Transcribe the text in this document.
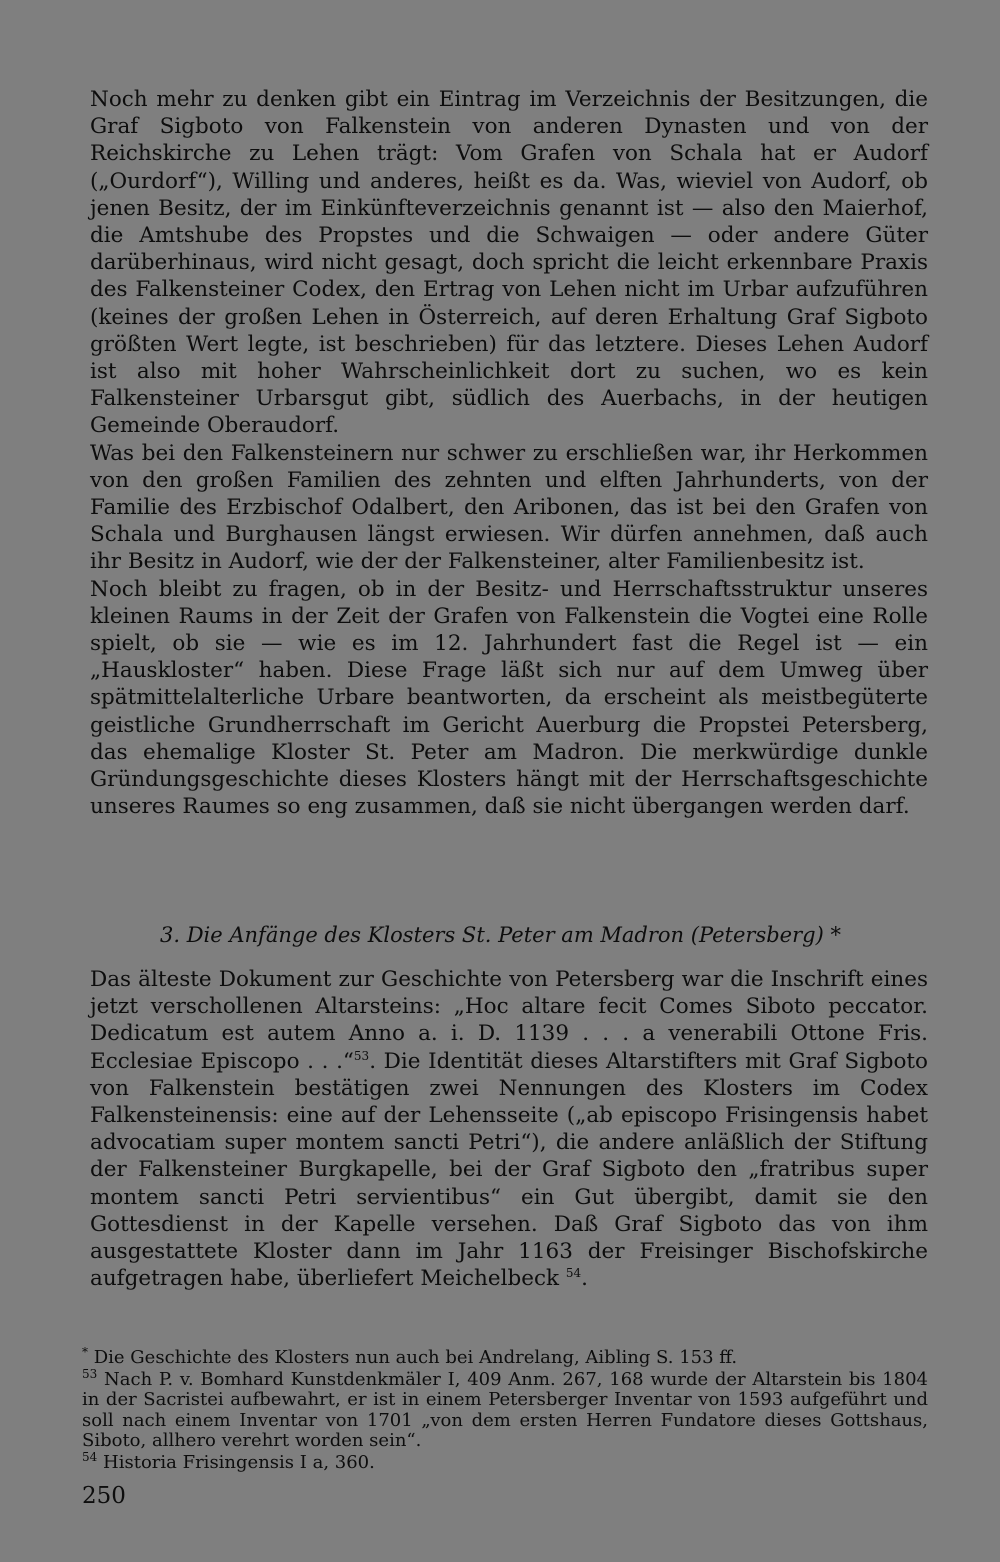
Noch mehr zu denken gibt ein Eintrag im Verzeichnis der Besitzungen, die Graf Sigboto von Falkenstein von anderen Dynasten und von der Reichskirche zu Lehen trägt: Vom Grafen von Schala hat er Audorf („Ourdorf“), Willing und anderes, heißt es da. Was, wieviel von Audorf, ob jenen Besitz, der im Einkünfteverzeichnis genannt ist — also den Maierhof, die Amtshube des Propstes und die Schwaigen — oder andere Güter darüberhinaus, wird nicht gesagt, doch spricht die leicht erkennbare Praxis des Falkensteiner Codex, den Ertrag von Lehen nicht im Urbar aufzuführen (keines der großen Lehen in Österreich, auf deren Erhaltung Graf Sigboto größten Wert legte, ist beschrieben) für das letztere. Dieses Lehen Audorf ist also mit hoher Wahrscheinlichkeit dort zu suchen, wo es kein Falkensteiner Urbarsgut gibt, südlich des Auerbachs, in der heutigen Gemeinde Oberaudorf.

Was bei den Falkensteinern nur schwer zu erschließen war, ihr Herkommen von den großen Familien des zehnten und elften Jahrhunderts, von der Familie des Erzbischof Odalbert, den Aribonen, das ist bei den Grafen von Schala und Burghausen längst erwiesen. Wir dürfen annehmen, daß auch ihr Besitz in Audorf, wie der der Falkensteiner, alter Familienbesitz ist.

Noch bleibt zu fragen, ob in der Besitz- und Herrschaftsstruktur unseres kleinen Raums in der Zeit der Grafen von Falkenstein die Vogtei eine Rolle spielt, ob sie — wie es im 12. Jahrhundert fast die Regel ist — ein „Hauskloster“ haben. Diese Frage läßt sich nur auf dem Umweg über spätmittelalterliche Urbare beantworten, da erscheint als meistbegüterte geistliche Grundherrschaft im Gericht Auerburg die Propstei Petersberg, das ehemalige Kloster St. Peter am Madron. Die merkwürdige dunkle Gründungsgeschichte dieses Klosters hängt mit der Herrschaftsgeschichte unseres Raumes so eng zusammen, daß sie nicht übergangen werden darf.

3. Die Anfänge des Klosters St. Peter am Madron (Petersberg) *

Das älteste Dokument zur Geschichte von Petersberg war die Inschrift eines jetzt verschollenen Altarsteins: „Hoc altare fecit Comes Siboto peccator. Dedicatum est autem Anno a. i. D. 1139 . . . a venerabili Ottone Fris. Ecclesiae Episcopo . . .“$^{53}$. Die Identität dieses Altarstifters mit Graf Sigboto von Falkenstein bestätigen zwei Nennungen des Klosters im Codex Falkensteinensis: eine auf der Lehensseite („ab episcopo Frisingensis habet advocatiam super montem sancti Petri“), die andere anläßlich der Stiftung der Falkensteiner Burgkapelle, bei der Graf Sigboto den „fratribus super montem sancti Petri servientibus“ ein Gut übergibt, damit sie den Gottesdienst in der Kapelle versehen. Daß Graf Sigboto das von ihm ausgestattete Kloster dann im Jahr 1163 der Freisinger Bischofskirche aufgetragen habe, überliefert Meichelbeck $^{54}$.

* Die Geschichte des Klosters nun auch bei Andrelang, Aibling S. 153 ff.

$^{53}$ Nach P. v. Bomhard Kunstdenkmäler I, 409 Anm. 267, 168 wurde der Altarstein bis 1804 in der Sacristei aufbewahrt, er ist in einem Petersberger Inventar von 1593 aufgeführt und soll nach einem Inventar von 1701 „von dem ersten Herren Fundatore dieses Gottshaus, Siboto, allhero verehrt worden sein“.

$^{54}$ Historia Frisingensis I a, 360.

250
